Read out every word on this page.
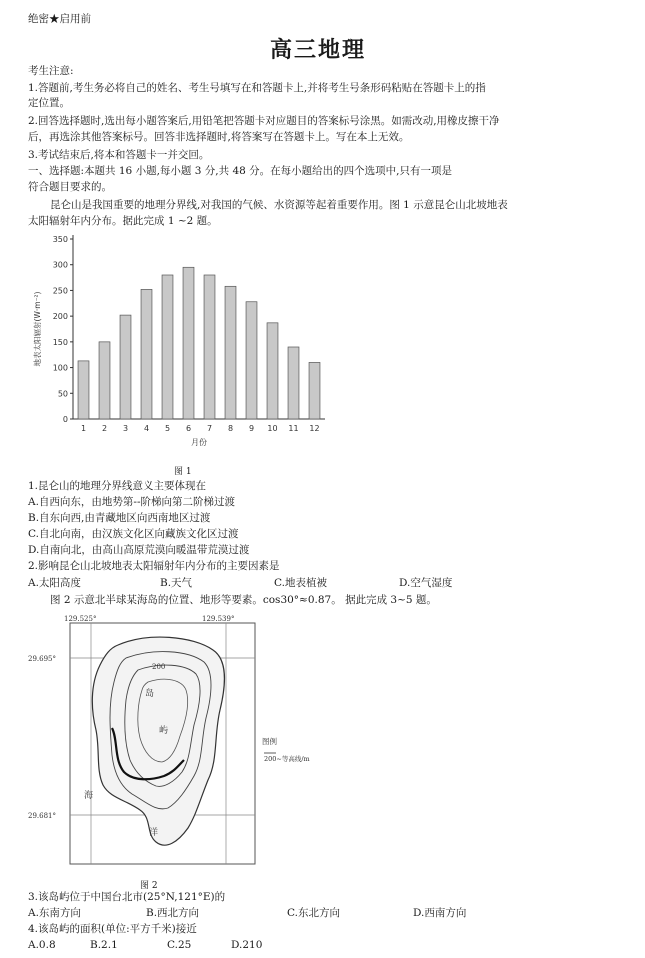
绝密★启用前
高三地理
考生注意:
1.答题前,考生务必将自己的姓名、考生号填写在和答题卡上,并将考生号条形码粘贴在答题卡上的指
定位置。
2.回答选择题时,选出每小题答案后,用铅笔把答题卡对应题目的答案标号涂黑。如需改动,用橡皮擦干净
后，再选涂其他答案标号。回答非选择题时,将答案写在答题卡上。写在本上无效。
3.考试结束后,将本和答题卡一并交回。
一、选择题:本题共 16 小题,每小题 3 分,共 48 分。在每小题给出的四个选项中,只有一项是
符合题目要求的。
昆仑山是我国重要的地理分界线,对我国的气候、水资源等起着重要作用。图 1 示意昆仑山北坡地表
太阳辐射年内分布。据此完成 1 ~2 题。
0
50
100
150
200
250
300
350
1 2 3 4 5 6 7 8 9 10 11 12
月份
地表太阳辐射(W·m⁻²)
图 1
1.昆仑山的地理分界线意义主要体现在
A.自西向东，由地势第--阶梯向第二阶梯过渡
B.自东向西,由青藏地区向西南地区过渡
C.自北向南，由汉族文化区向藏族文化区过渡
D.自南向北，由高山高原荒漠向暖温带荒漠过渡
2.影响昆仑山北坡地表太阳辐射年内分布的主要因素是
A.太阳高度	B.天气	C.地表植被	D.空气湿度
图 2 示意北半球某海岛的位置、地形等要素。cos30°≈0.87。 据此完成 3~5 题。
129.525°	129.539°
29.695°
29.681°
200
岛
屿
海
洋
图例
200~等高线/m
图 2
3.该岛屿位于中国台北市(25°N,121°E)的
A.东南方向	B.西北方向	C.东北方向	D.西南方向
4.该岛屿的面积(单位:平方千米)接近
A.0.8	B.2.1	C.25	D.210
